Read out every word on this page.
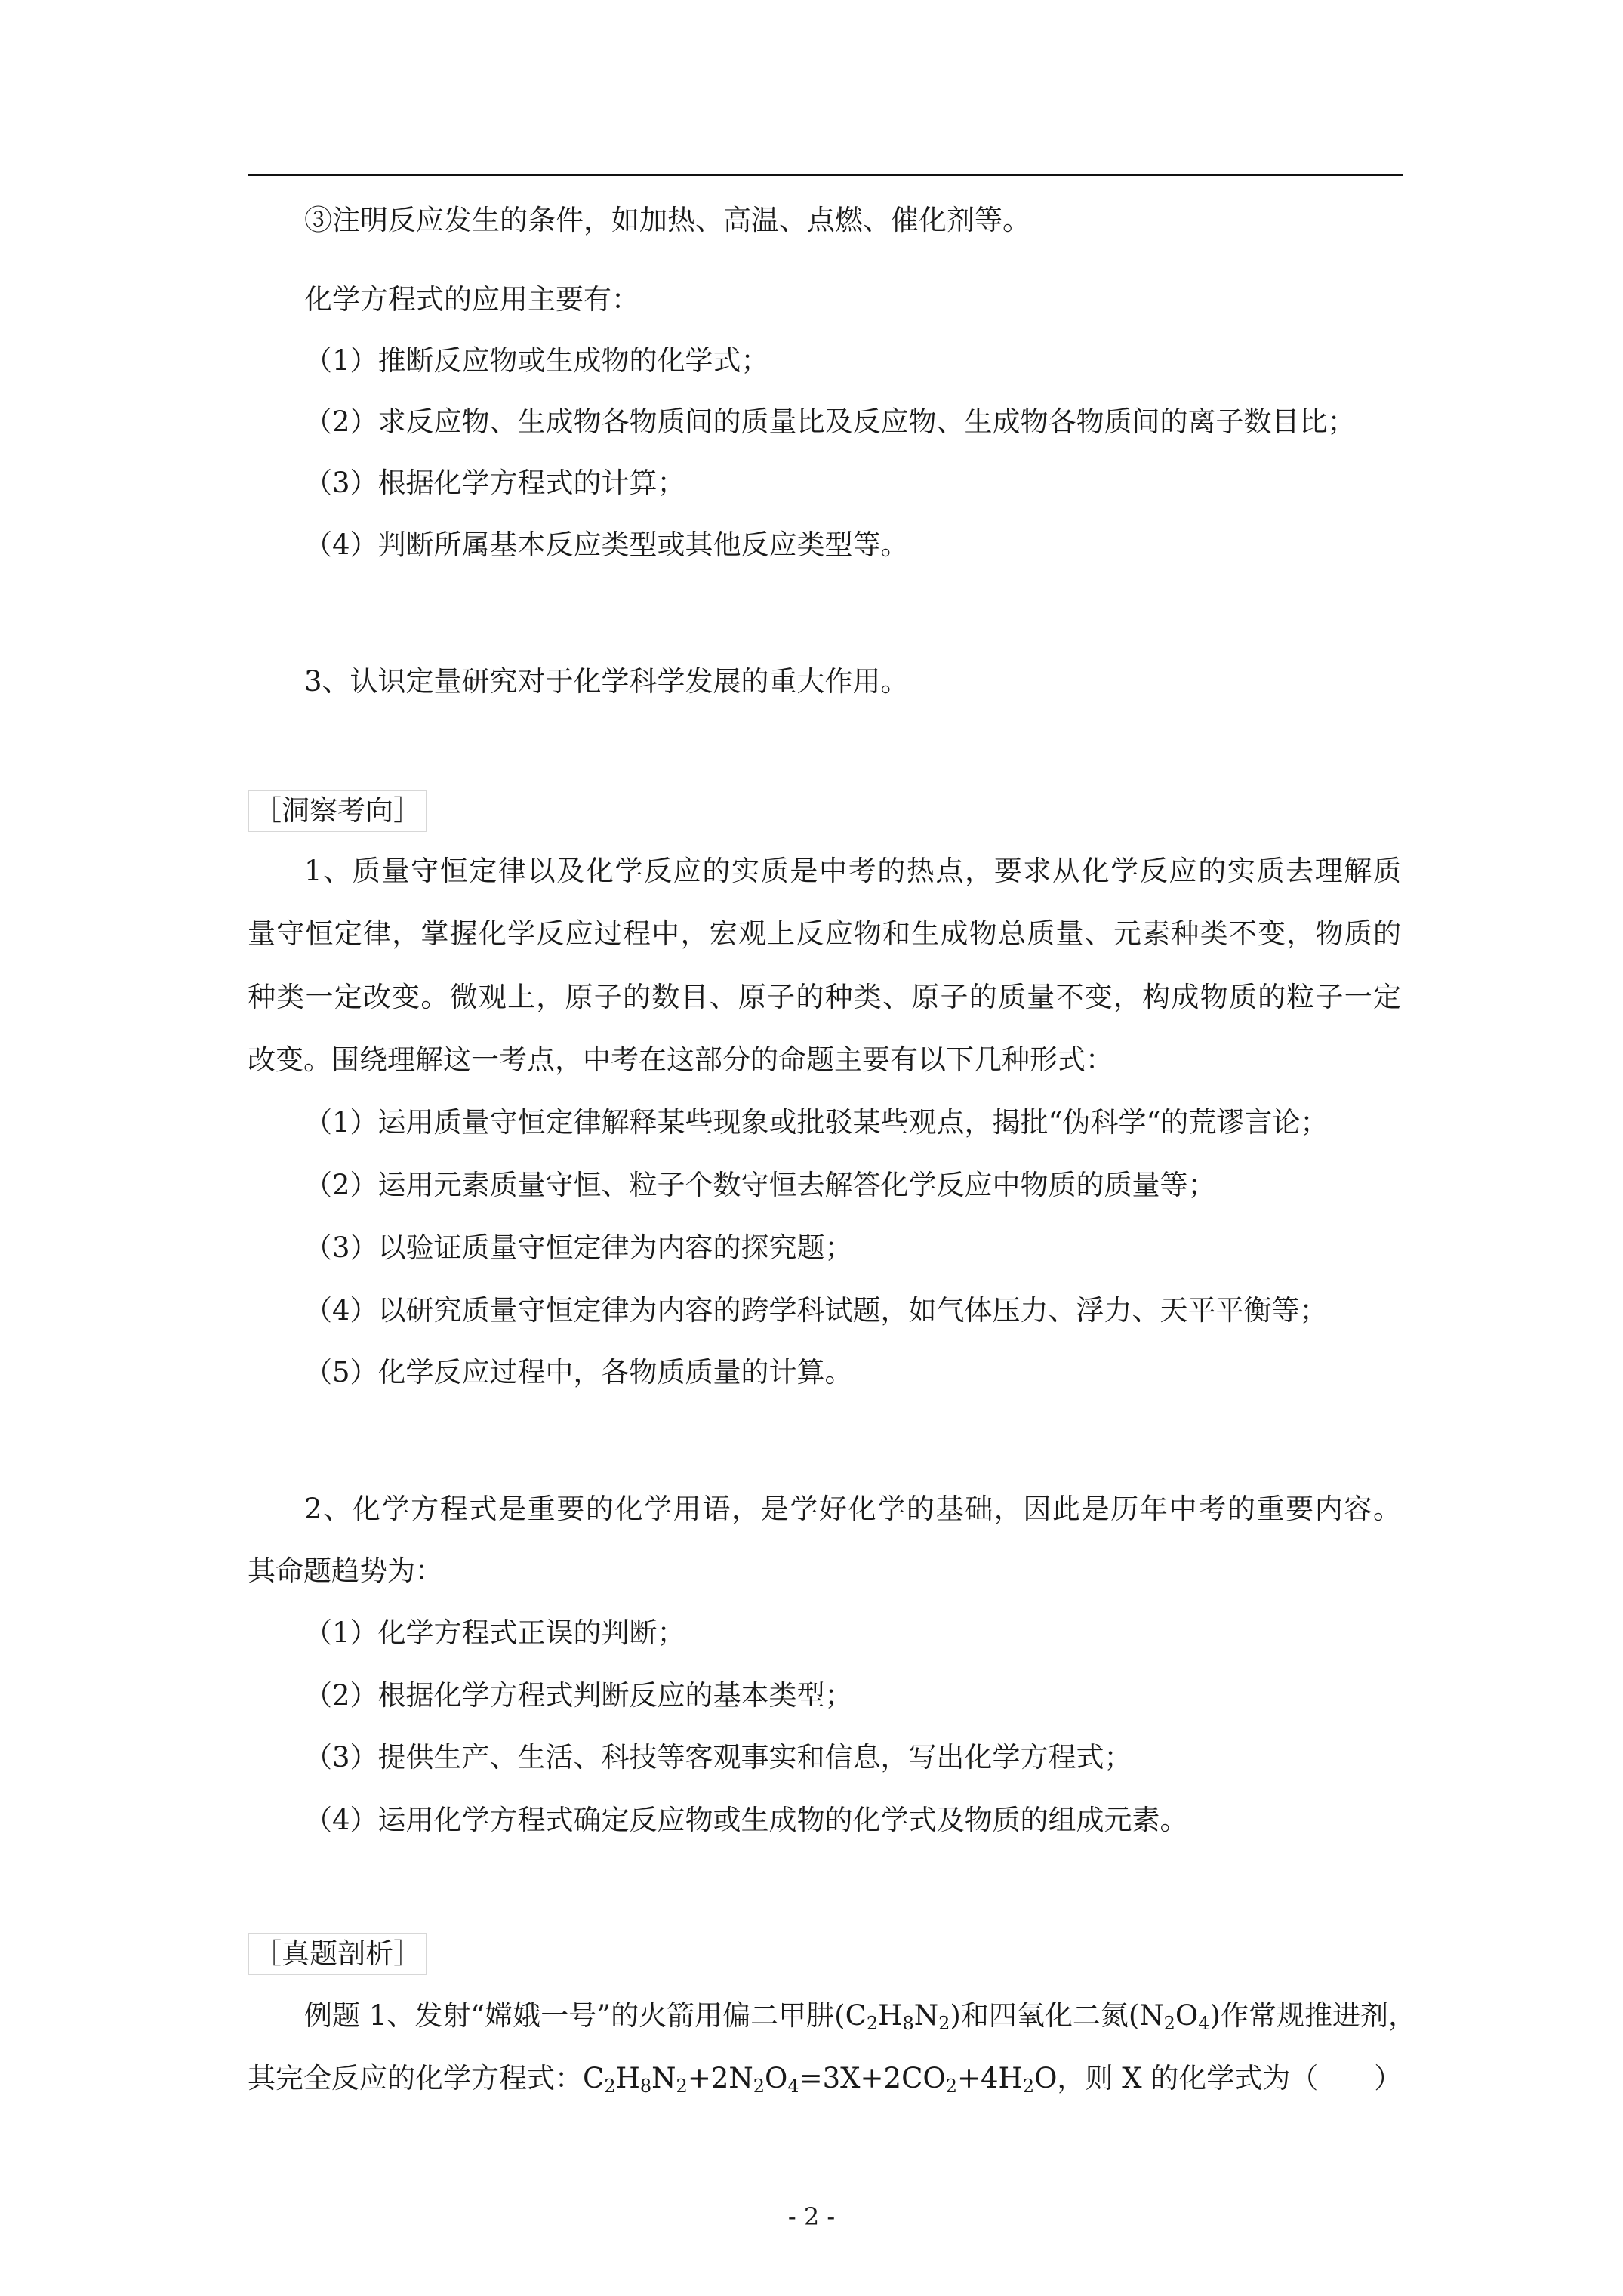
③注明反应发生的条件，如加热、高温、点燃、催化剂等。
化学方程式的应用主要有：
（1）推断反应物或生成物的化学式；
（2）求反应物、生成物各物质间的质量比及反应物、生成物各物质间的离子数目比；
（3）根据化学方程式的计算；
（4）判断所属基本反应类型或其他反应类型等。
3、认识定量研究对于化学科学发展的重大作用。
［洞察考向］
1、质量守恒定律以及化学反应的实质是中考的热点，要求从化学反应的实质去理解质
量守恒定律，掌握化学反应过程中，宏观上反应物和生成物总质量、元素种类不变，物质的
种类一定改变。微观上，原子的数目、原子的种类、原子的质量不变，构成物质的粒子一定
改变。围绕理解这一考点，中考在这部分的命题主要有以下几种形式：
（1）运用质量守恒定律解释某些现象或批驳某些观点，揭批“伪科学“的荒谬言论；
（2）运用元素质量守恒、粒子个数守恒去解答化学反应中物质的质量等；
（3）以验证质量守恒定律为内容的探究题；
（4）以研究质量守恒定律为内容的跨学科试题，如气体压力、浮力、天平平衡等；
（5）化学反应过程中，各物质质量的计算。
2、化学方程式是重要的化学用语，是学好化学的基础，因此是历年中考的重要内容。
其命题趋势为：
（1）化学方程式正误的判断；
（2）根据化学方程式判断反应的基本类型；
（3）提供生产、生活、科技等客观事实和信息，写出化学方程式；
（4）运用化学方程式确定反应物或生成物的化学式及物质的组成元素。
［真题剖析］
例题 1、发射“嫦娥一号”的火箭用偏二甲肼$(C_2H_8N_2)$和四氧化二氮$(N_2O_4)$作常规推进剂，
其完全反应的化学方程式：$C_2H_8N_2+2N_2O_4=3X+2CO_2+4H_2O$，则 X 的化学式为（　　）
- 2 -
